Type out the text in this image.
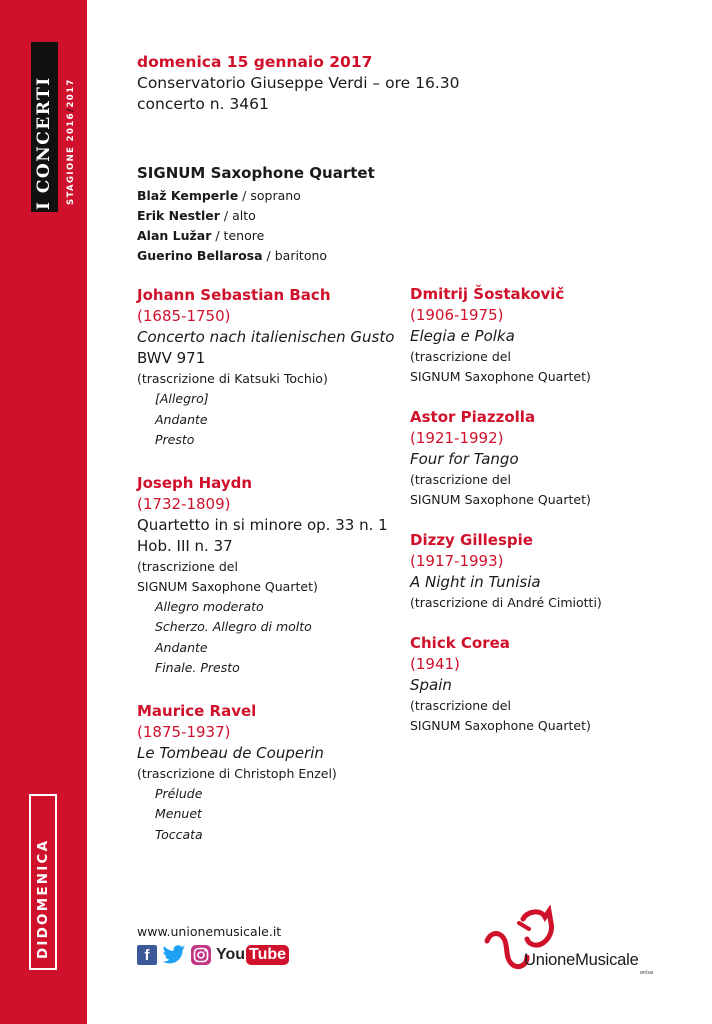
I CONCERTI STAGIONE 2016/2017
DIDOMENICA

domenica 15 gennaio 2017

Conservatorio Giuseppe Verdi – ore 16.30

concerto n. 3461

SIGNUM Saxophone Quartet

Blaž Kemperle / soprano

Erik Nestler / alto

Alan Lužar / tenore

Guerino Bellarosa / baritono

Johann Sebastian Bach

(1685-1750)

Concerto nach italienischen Gusto

BWV 971

(trascrizione di Katsuki Tochio)

[Allegro]

Andante

Presto

Joseph Haydn

(1732-1809)

Quartetto in si minore op. 33 n. 1

Hob. III n. 37

(trascrizione del

SIGNUM Saxophone Quartet)

Allegro moderato

Scherzo. Allegro di molto

Andante

Finale. Presto

Maurice Ravel

(1875-1937)

Le Tombeau de Couperin

(trascrizione di Christoph Enzel)

Prélude

Menuet

Toccata

Dmitrij Šostakovič

(1906-1975)

Elegia e Polka

(trascrizione del

SIGNUM Saxophone Quartet)

Astor Piazzolla

(1921-1992)

Four for Tango

(trascrizione del

SIGNUM Saxophone Quartet)

Dizzy Gillespie

(1917-1993)

A Night in Tunisia

(trascrizione di André Cimiotti)

Chick Corea

(1941)

Spain

(trascrizione del

SIGNUM Saxophone Quartet)

www.unionemusicale.it

f	You Tube	UnioneMusicale
onlus
